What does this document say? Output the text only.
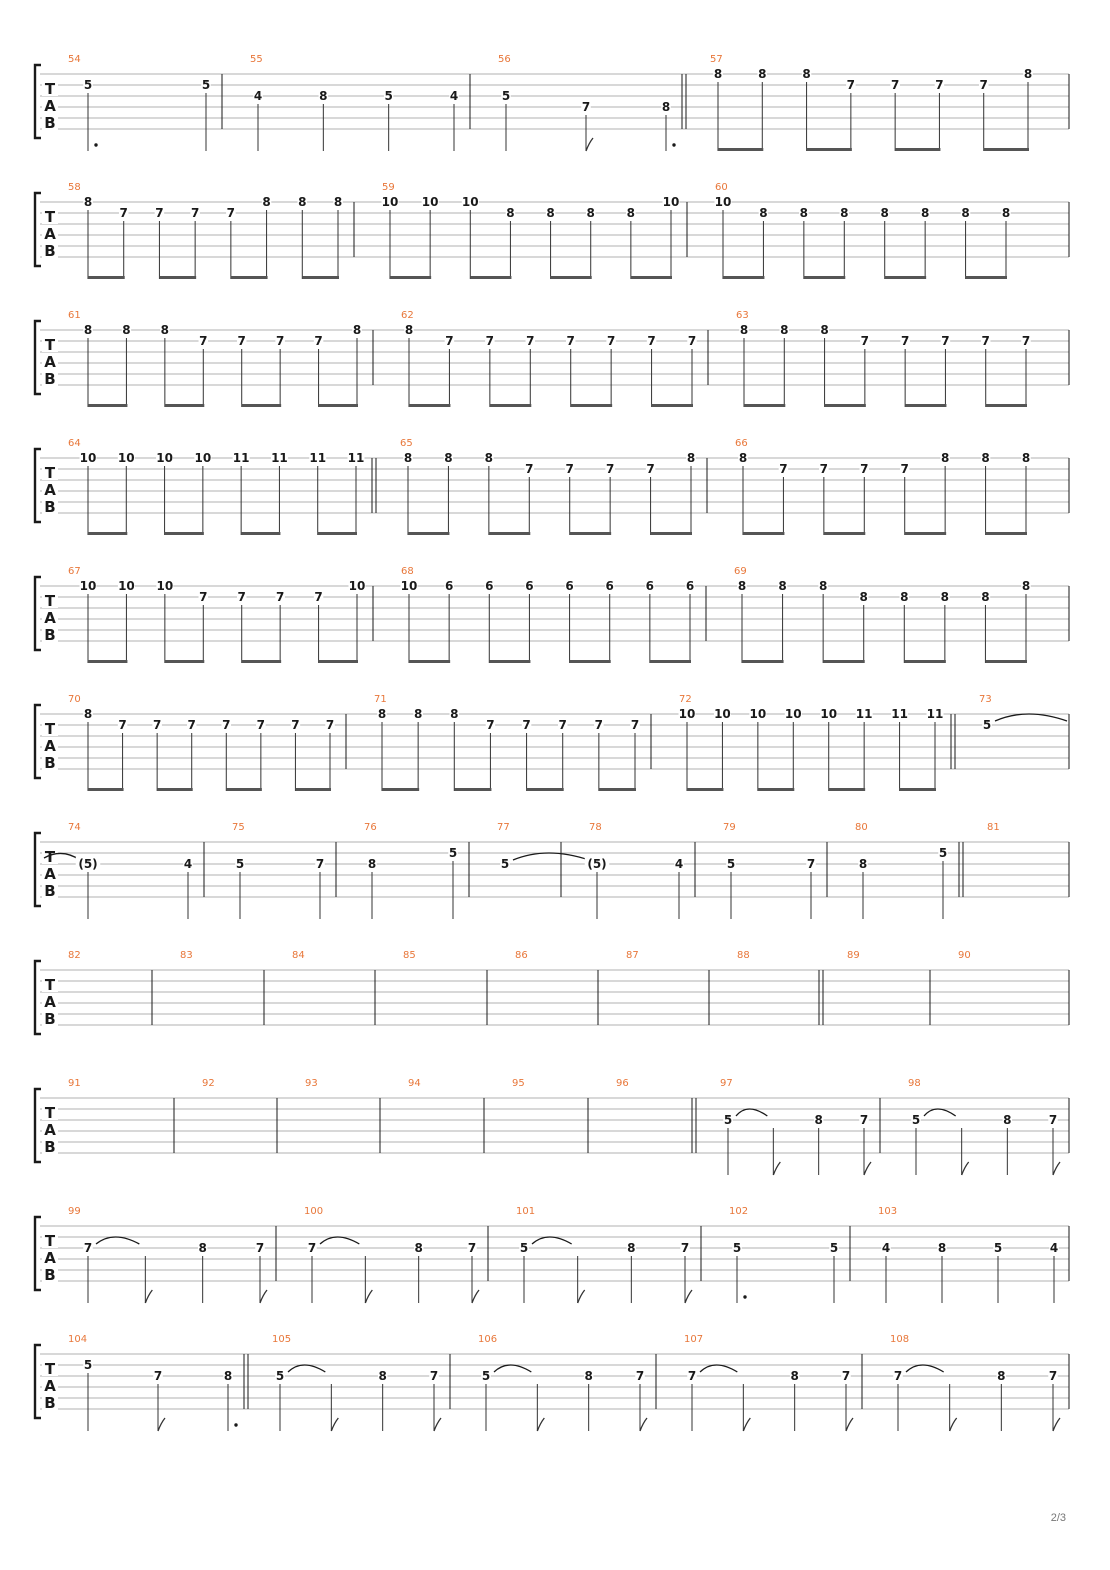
T
A
B
54
5	5
55
4	8	5	4
56
5
7	8
57
8	8	8
7	7	7	7
8
T
A
B
58
8
7 7 7 7
8 8 8
59
10 10 10
8	8	8	8
10
60
10
8	8	8	8	8	8	8
T
A
B
61
8	8	8
7	7	7	7
8
62
8
7	7	7	7	7	7	7
63
8	8	8
7	7	7	7	7
T
A
B
64
10 10 10 10 11 11 11 11
65
8	8	8
7	7	7	7
8
66
8
7	7	7	7
8	8	8
T
A
B
67
10 10 10
7	7	7	7
10
68
10 6	6	6	6	6	6	6
69
8	8	8
8	8	8	8
8
T
A
B
70
8
7 7 7 7 7 7 7
71
8 8 8
7 7 7 7 7
72
10 10 10 10 10 11 11 11
73
5
T
A
B
74
(5)	4
75
5	7
76
8
5
77
5
78
(5)	4
79
5	7
80
8
5
81
T
A
B
82	83	84	85	86	87	88	89	90
T
A
B
91	92	93	94	95	96	97
5	8	7
98
5	8	7
T
A
B
99
7	8	7
100
7	8	7
101
5	8	7
102
5	5
103
4	8	5	4
T
A
B
104
5
7	8
105
5	8	7
106
5	8	7
107
7	8	7
108
7	8	7
2/3
